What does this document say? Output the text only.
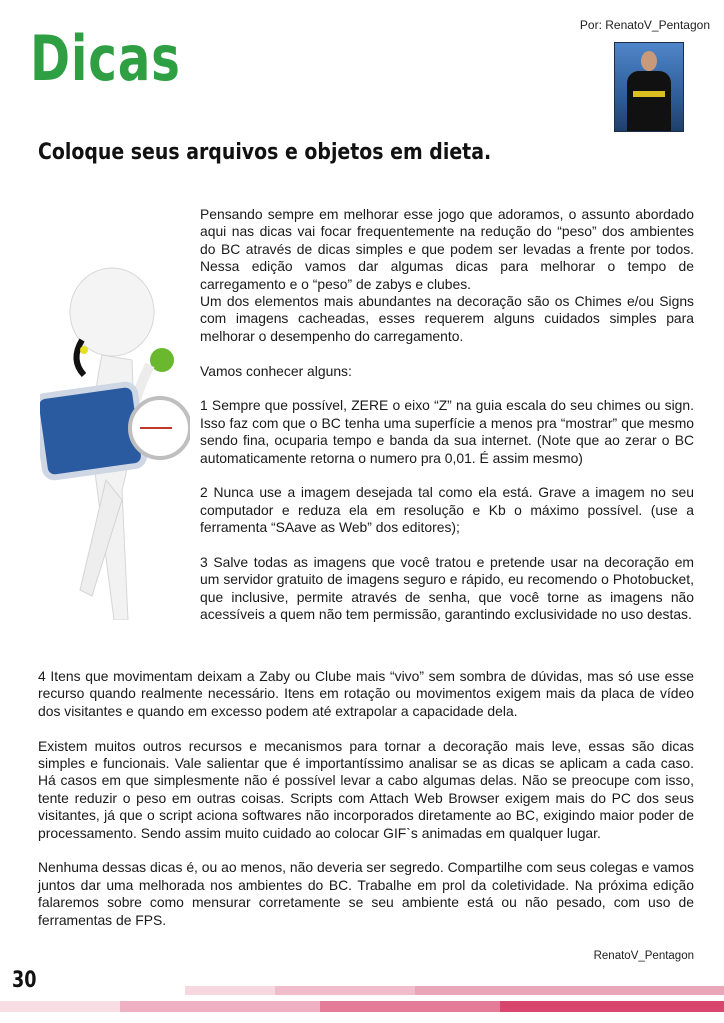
Por: RenatoV_Pentagon
Dicas
Coloque seus arquivos e objetos em dieta.

Pensando sempre em melhorar esse jogo que adoramos, o assunto abordado aqui nas dicas vai focar frequentemente na redução do “peso” dos ambientes do BC através de dicas simples e que podem ser levadas a frente por todos. Nessa edição vamos dar algumas dicas para melhorar o tempo de carregamento e o “peso” de zabys e clubes.

Um dos elementos mais abundantes na decoração são os Chimes e/ou Signs com imagens cacheadas, esses requerem alguns cuidados simples para melhorar o desempenho do carregamento.

Vamos conhecer alguns:

1 Sempre que possível, ZERE o eixo “Z” na guia escala do seu chimes ou sign. Isso faz com que o BC tenha uma superfície a menos pra “mostrar” que mesmo sendo fina, ocuparia tempo e banda da sua internet. (Note que ao zerar o BC automaticamente retorna o numero pra 0,01. É assim mesmo)

2 Nunca use a imagem desejada tal como ela está. Grave a imagem no seu computador e reduza ela em resolução e Kb o máximo possível. (use a ferramenta “SAave as Web” dos editores);

3 Salve todas as imagens que você tratou e pretende usar na decoração em um servidor gratuito de imagens seguro e rápido, eu recomendo o Photobucket, que inclusive, permite através de senha, que você torne as imagens não acessíveis a quem não tem permissão, garantindo exclusividade no uso destas.

4 Itens que movimentam deixam a Zaby ou Clube mais “vivo” sem sombra de dúvidas, mas só use esse recurso quando realmente necessário. Itens em rotação ou movimentos exigem mais da placa de vídeo dos visitantes e quando em excesso podem até extrapolar a capacidade dela.

Existem muitos outros recursos e mecanismos para tornar a decoração mais leve, essas são dicas simples e funcionais. Vale salientar que é importantíssimo analisar se as dicas se aplicam a cada caso. Há casos em que simplesmente não é possível levar a cabo algumas delas. Não se preocupe com isso, tente reduzir o peso em outras coisas. Scripts com Attach Web Browser exigem mais do PC dos seus visitantes, já que o script aciona softwares não incorporados diretamente ao BC, exigindo maior poder de processamento. Sendo assim muito cuidado ao colocar GIF`s animadas em qualquer lugar.

Nenhuma dessas dicas é, ou ao menos, não deveria ser segredo. Compartilhe com seus colegas e vamos juntos dar uma melhorada nos ambientes do BC. Trabalhe em prol da coletividade. Na próxima edição falaremos sobre como mensurar corretamente se seu ambiente está ou não pesado, com uso de ferramentas de FPS.

RenatoV_Pentagon
30
